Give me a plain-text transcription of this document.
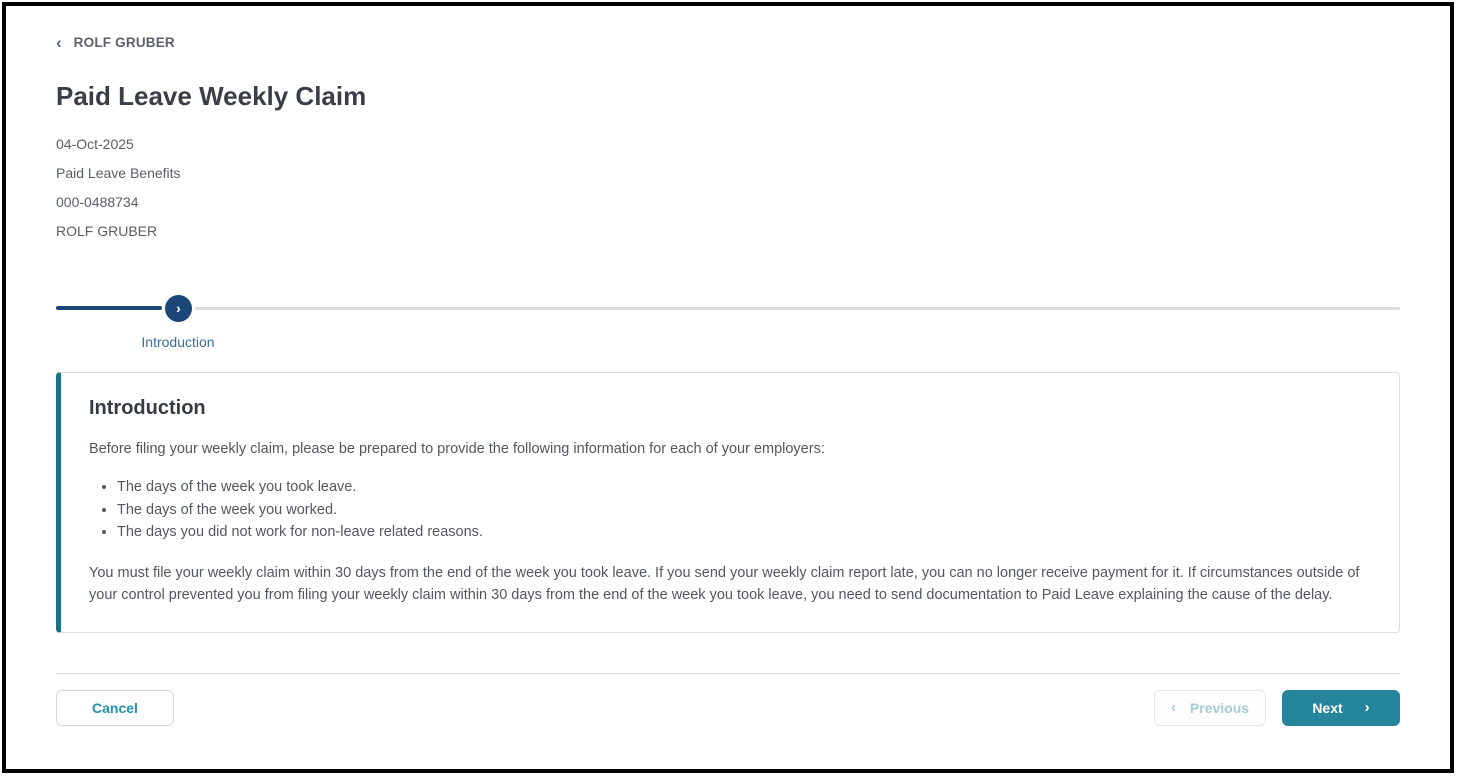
‹ ROLF GRUBER
Paid Leave Weekly Claim
04-Oct-2025
Paid Leave Benefits
000-0488734
ROLF GRUBER
›
Introduction
Introduction

Before filing your weekly claim, please be prepared to provide the following information for each of your employers:

• The days of the week you took leave.
• The days of the week you worked.
• The days you did not work for non-leave related reasons.

You must file your weekly claim within 30 days from the end of the week you took leave. If you send your weekly claim report late, you can no longer receive payment for it. If circumstances outside of your control prevented you from filing your weekly claim within 30 days from the end of the week you took leave, you need to send documentation to Paid Leave explaining the cause of the delay.

Cancel	‹ Previous	Next ›
